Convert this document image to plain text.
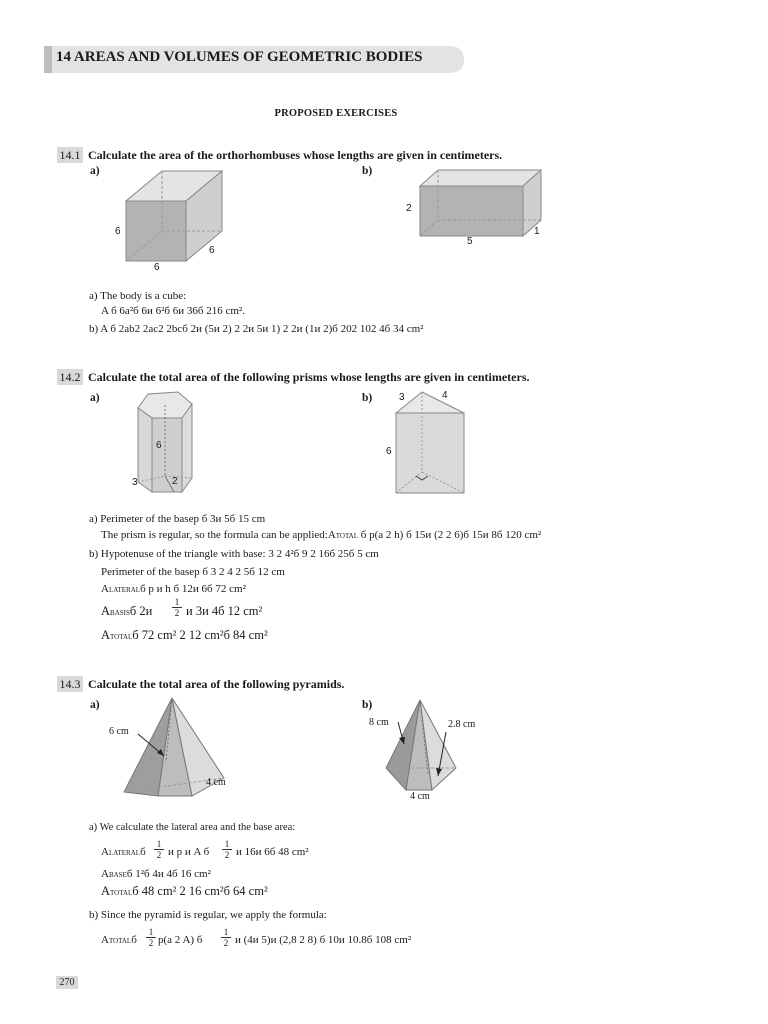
14 AREAS AND VOLUMES OF GEOMETRIC BODIES
PROPOSED EXERCISES
14.1 Calculate the area of the orthorhombuses whose lengths are given in centimeters.
a)	b)
6
6
6
2
5
1
a) The body is a cube:
A б 6a²б 6и 6²б 6и 36б 216 cm².
b) A б 2ab2 2ac2 2bcб 2и (5и 2) 2 2и 5и 1) 2 2и (1и 2)б 202 102 4б 34 cm²
14.2 Calculate the total area of the following prisms whose lengths are given in centimeters.
a)	b)
6
3	2
3	4
6
a) Perimeter of the basep б 3и 5б 15 cm
The prism is regular, so the formula can be applied:ATOTAL б p(a 2 h) б 15и (2 2 6)б 15и 8б 120 cm²
b) Hypotenuse of the triangle with base: 3 2 4²б 9 2 16б 25б 5 cm
Perimeter of the basep б 3 2 4 2 5б 12 cm
ALATERALб p и h б 12и 6б 72 cm²
ABASISб 2и
1
2 и 3и 4б 12 cm²
ATOTALб 72 cm² 2 12 cm²б 84 cm²
14.3 Calculate the total area of the following pyramids.
a)	b)
6 cm
4 cm
8 cm	2.8 cm
4 cm
a) We calculate the lateral area and the base area:
ALATERALб
1
2 и p и A б
1
2 и 16и 6б 48 cm²
ABASEб 1²б 4и 4б 16 cm²
ATOTALб 48 cm² 2 16 cm²б 64 cm²
b) Since the pyramid is regular, we apply the formula:
ATOTALб
1
2 p(a 2 A) б
1
2 и (4и 5)и (2,8 2 8) б 10и 10.8б 108 cm²
270
